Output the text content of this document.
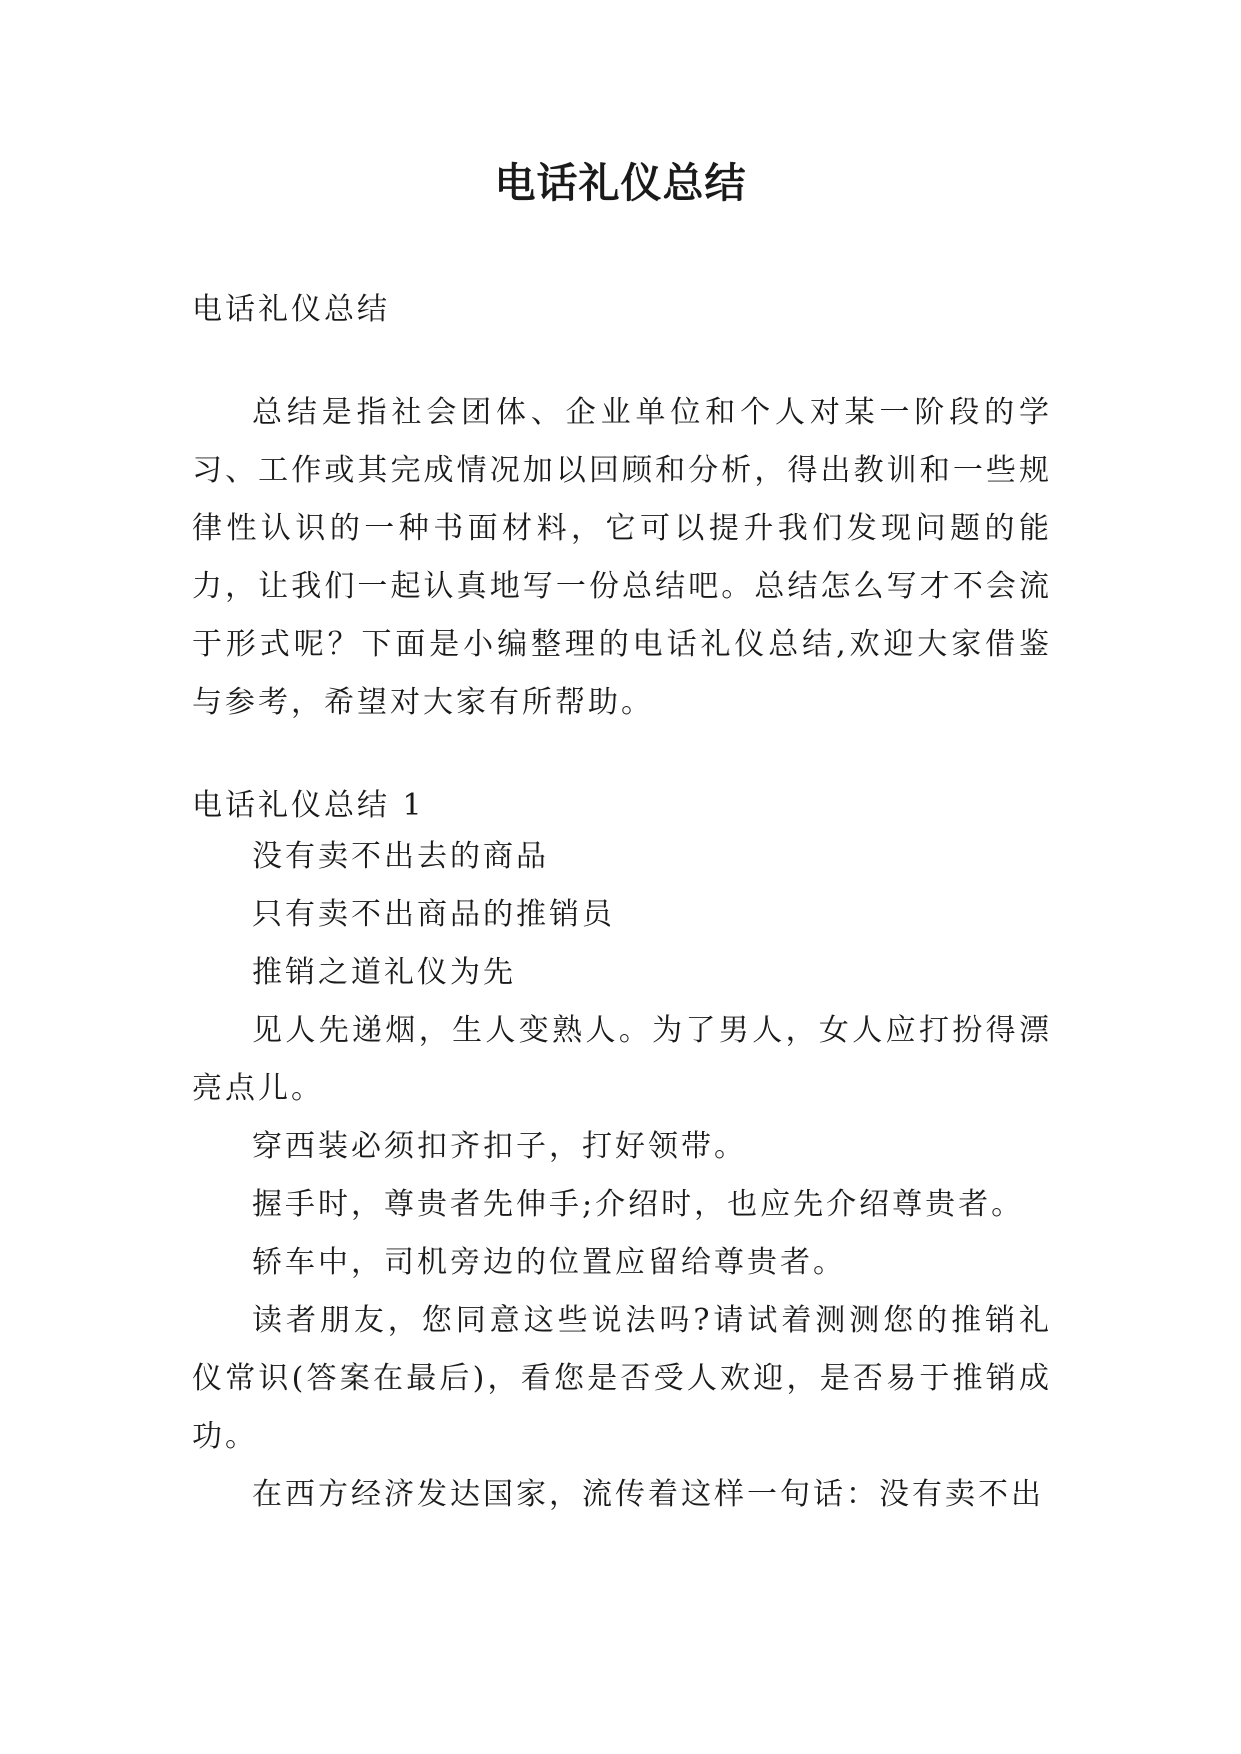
电话礼仪总结

电话礼仪总结

总结是指社会团体、企业单位和个人对某一阶段的学习、工作或其完成情况加以回顾和分析，得出教训和一些规律性认识的一种书面材料，它可以提升我们发现问题的能力，让我们一起认真地写一份总结吧。总结怎么写才不会流于形式呢？下面是小编整理的电话礼仪总结,欢迎大家借鉴与参考，希望对大家有所帮助。

电话礼仪总结 1

没有卖不出去的商品

只有卖不出商品的推销员

推销之道礼仪为先

见人先递烟，生人变熟人。为了男人，女人应打扮得漂亮点儿。

穿西装必须扣齐扣子，打好领带。

握手时，尊贵者先伸手;介绍时，也应先介绍尊贵者。

轿车中，司机旁边的位置应留给尊贵者。

读者朋友，您同意这些说法吗?请试着测测您的推销礼仪常识(答案在最后)，看您是否受人欢迎，是否易于推销成功。

在西方经济发达国家，流传着这样一句话：没有卖不出
